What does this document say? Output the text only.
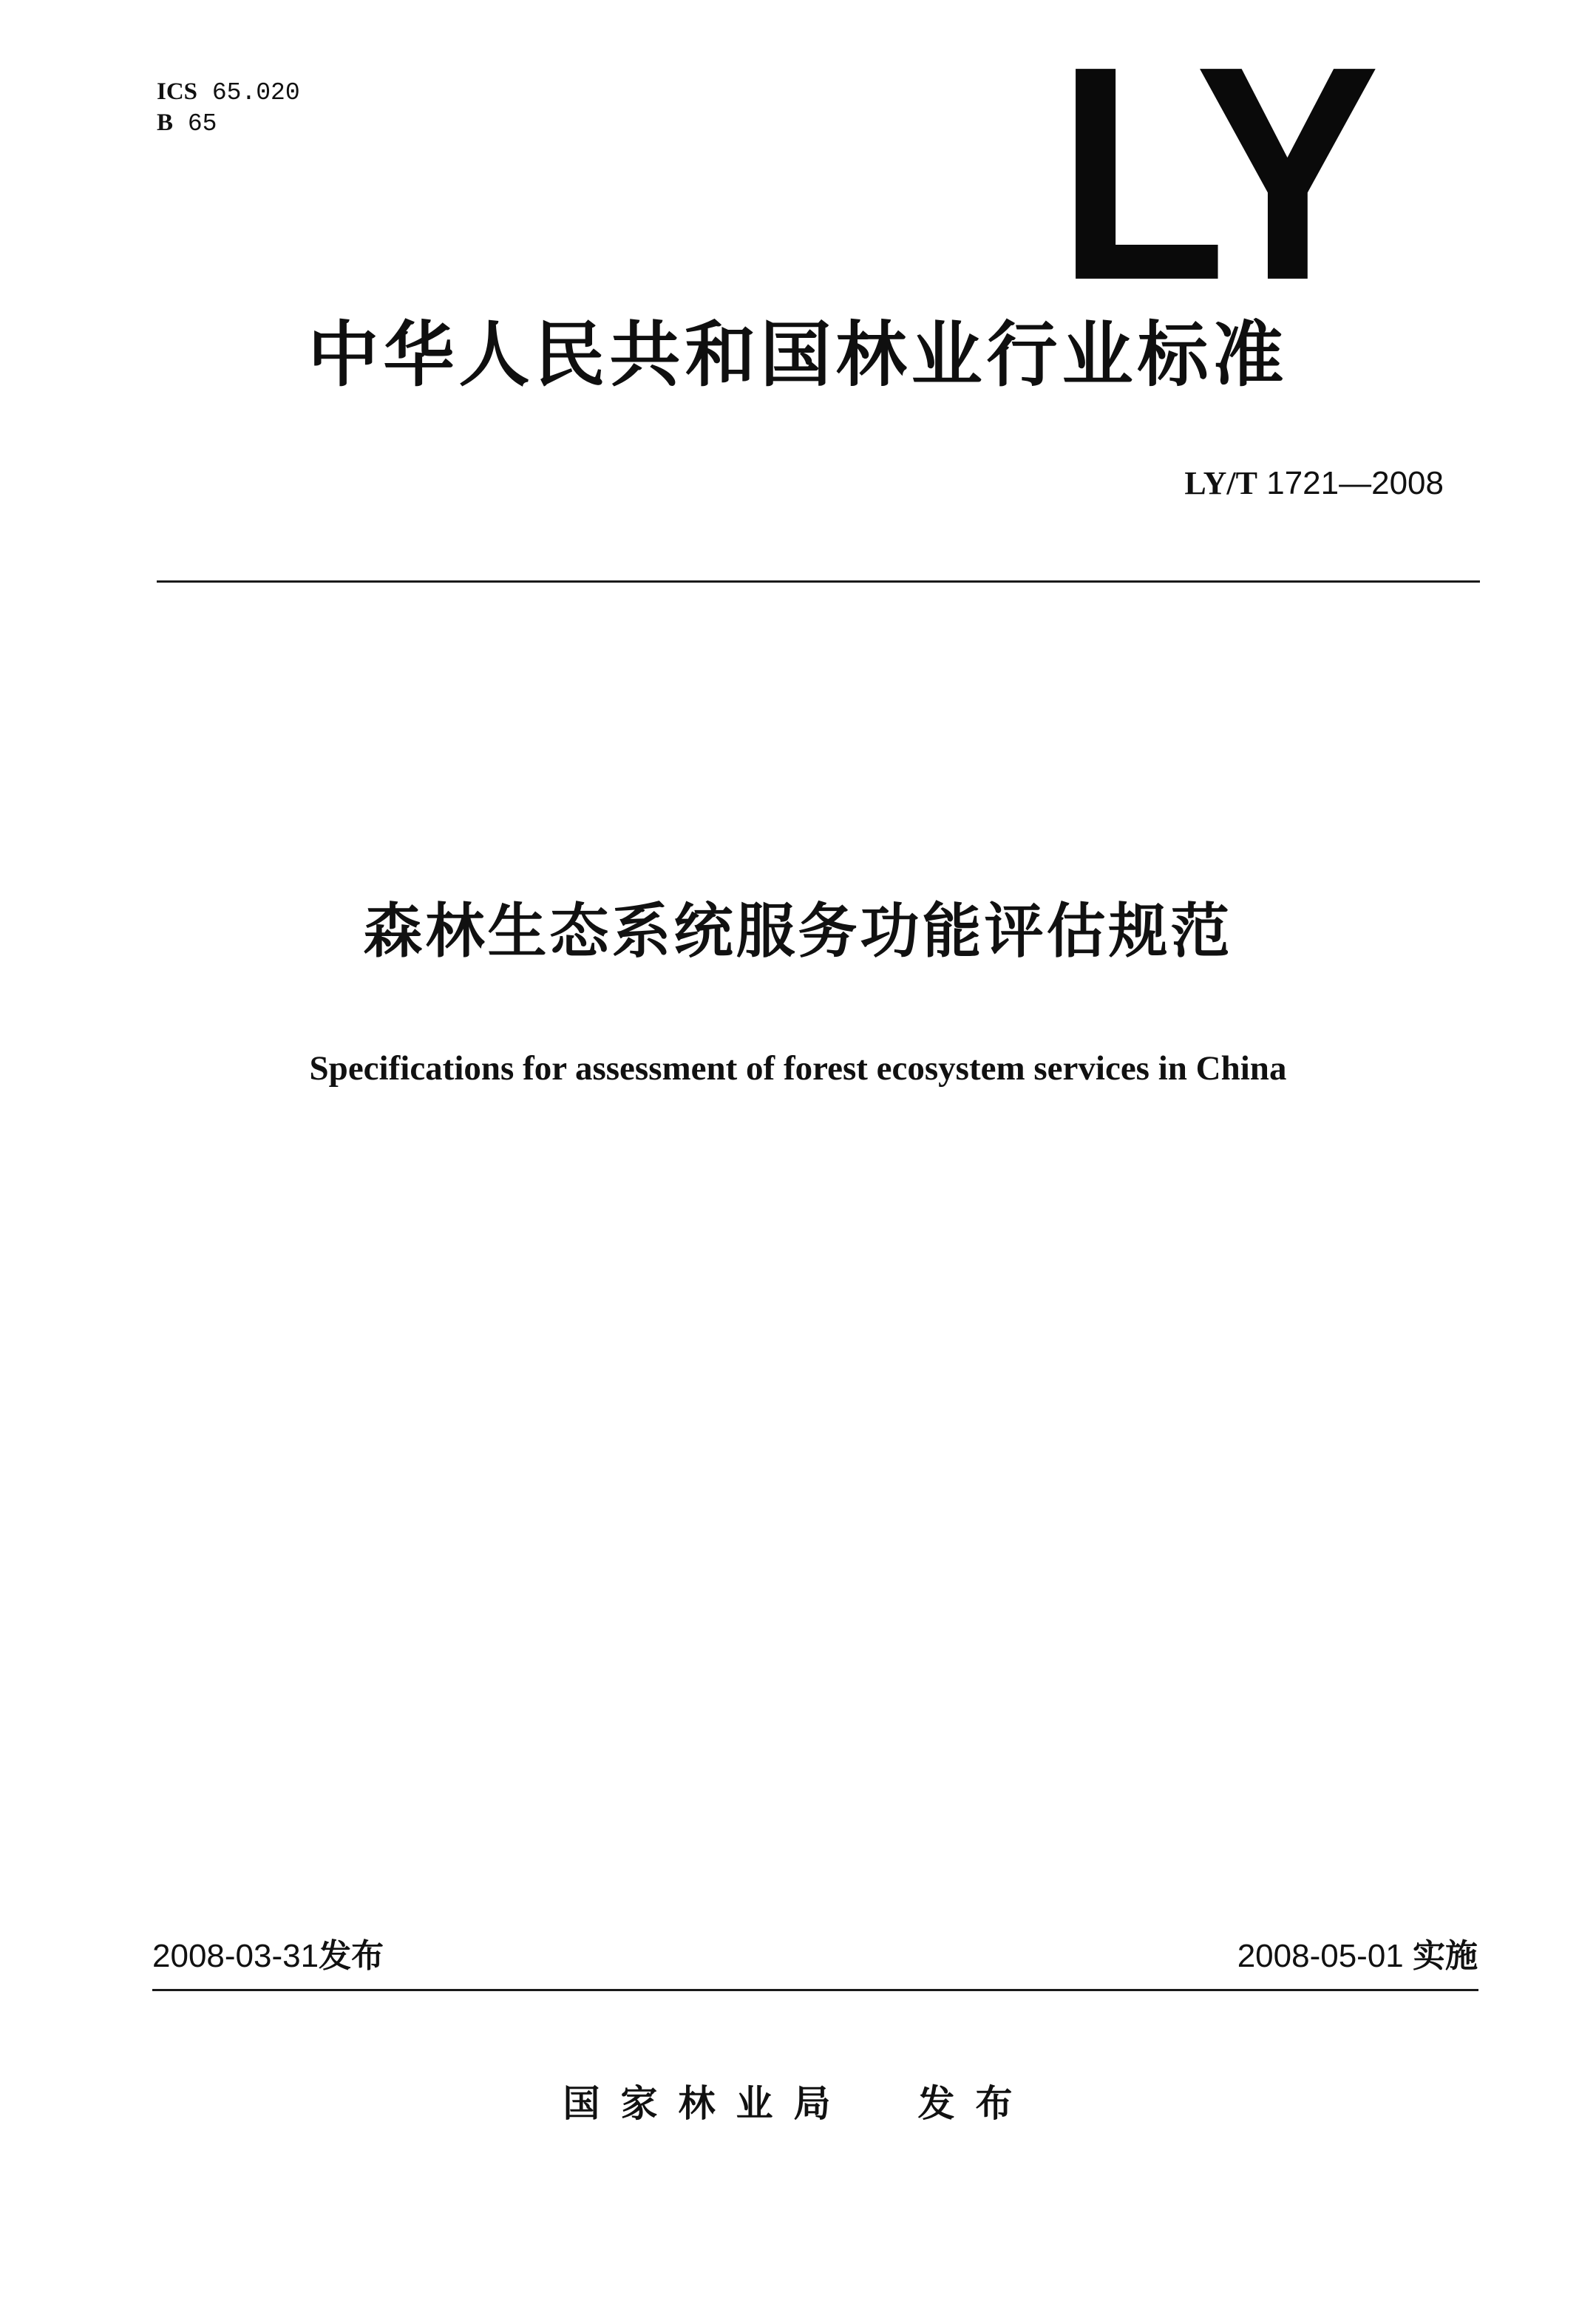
ICS 65.020
B 65	LY
中华人民共和国林业行业标准
LY/T 1721—2008
森林生态系统服务功能评估规范
Specifications for assessment of forest ecosystem services in China
2008-03-31发布	2008-05-01 实施
国家林业局 发布
